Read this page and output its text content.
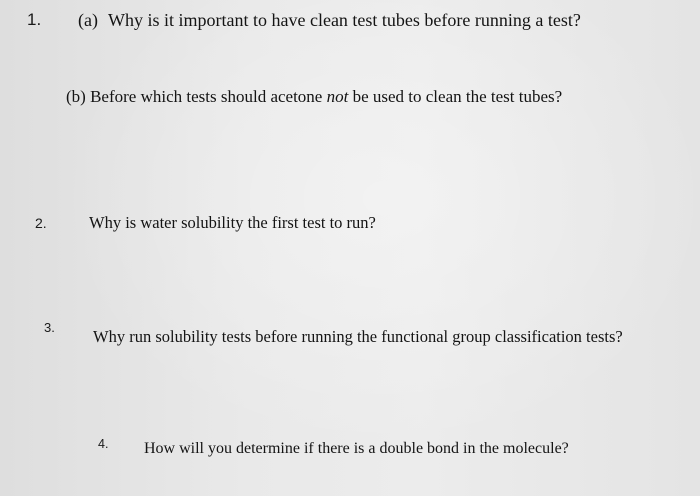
1. (a) Why is it important to have clean test tubes before running a test?
(b) Before which tests should acetone not be used to clean the test tubes?
2.	Why is water solubility the first test to run?
3. Why run solubility tests before running the functional group classification tests?
4. How will you determine if there is a double bond in the molecule?
